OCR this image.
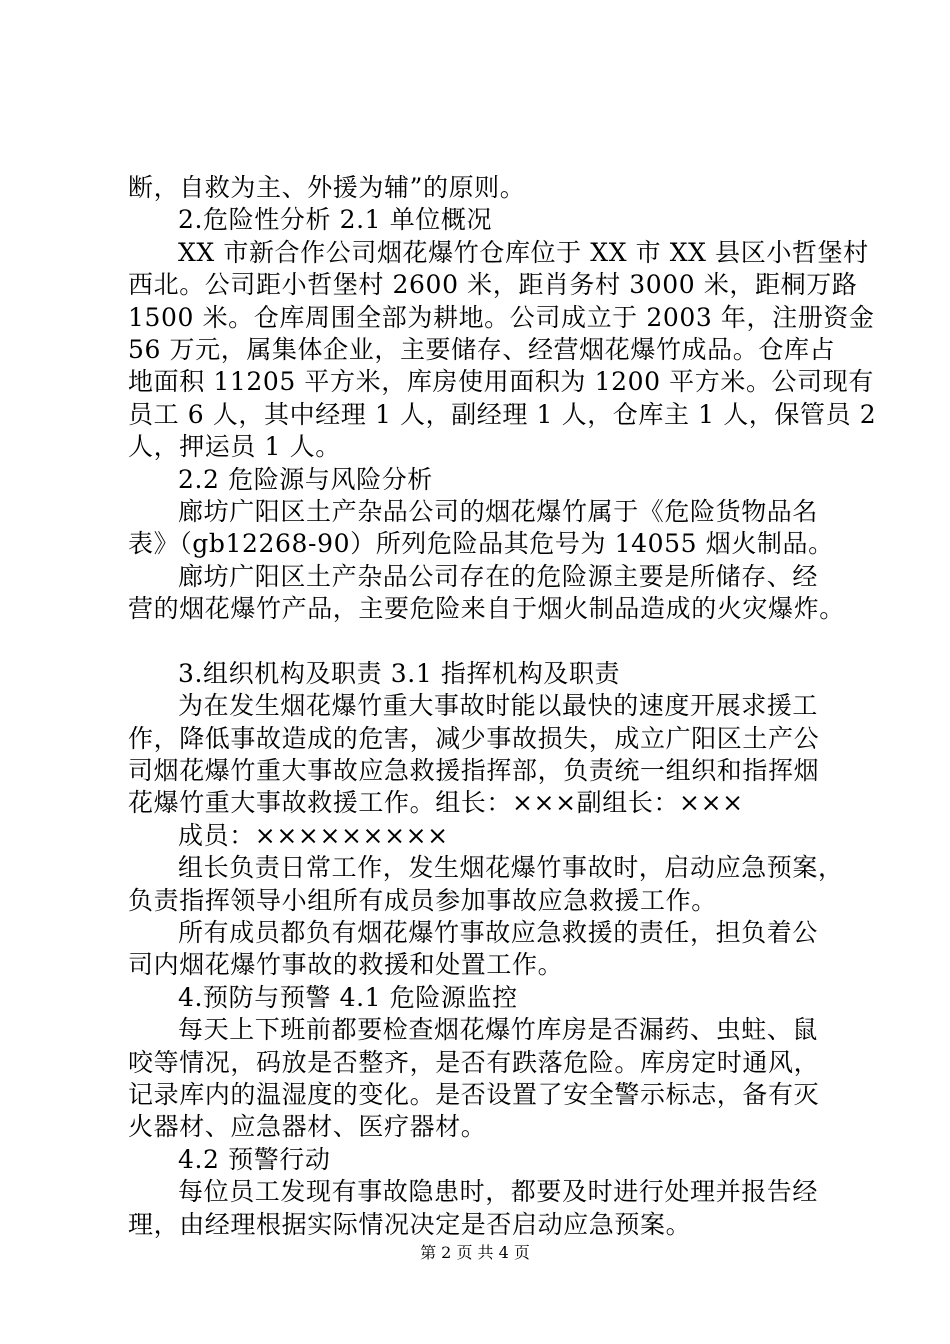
断，自救为主、外援为辅”的原则。
2.危险性分析 2.1 单位概况
XX 市新合作公司烟花爆竹仓库位于 XX 市 XX 县区小哲堡村
西北。公司距小哲堡村 2600 米，距肖务村 3000 米，距桐万路
1500 米。仓库周围全部为耕地。公司成立于 2003 年，注册资金
56 万元，属集体企业，主要储存、经营烟花爆竹成品。仓库占
地面积 11205 平方米，库房使用面积为 1200 平方米。公司现有
员工 6 人，其中经理 1 人，副经理 1 人，仓库主 1 人，保管员 2
人，押运员 1 人。
2.2 危险源与风险分析
廊坊广阳区土产杂品公司的烟花爆竹属于《危险货物品名
表》（gb12268-90）所列危险品其危号为 14055 烟火制品。
廊坊广阳区土产杂品公司存在的危险源主要是所储存、经
营的烟花爆竹产品，主要危险来自于烟火制品造成的火灾爆炸。
3.组织机构及职责 3.1 指挥机构及职责
为在发生烟花爆竹重大事故时能以最快的速度开展求援工
作，降低事故造成的危害，减少事故损失，成立广阳区土产公
司烟花爆竹重大事故应急救援指挥部，负责统一组织和指挥烟
花爆竹重大事故救援工作。组长：×××副组长：×××
成员：×××××××××
组长负责日常工作，发生烟花爆竹事故时，启动应急预案，
负责指挥领导小组所有成员参加事故应急救援工作。
所有成员都负有烟花爆竹事故应急救援的责任，担负着公
司内烟花爆竹事故的救援和处置工作。
4.预防与预警 4.1 危险源监控
每天上下班前都要检查烟花爆竹库房是否漏药、虫蛀、鼠
咬等情况，码放是否整齐，是否有跌落危险。库房定时通风，
记录库内的温湿度的变化。是否设置了安全警示标志，备有灭
火器材、应急器材、医疗器材。
4.2 预警行动
每位员工发现有事故隐患时，都要及时进行处理并报告经
理，由经理根据实际情况决定是否启动应急预案。
第 2 页 共 4 页
